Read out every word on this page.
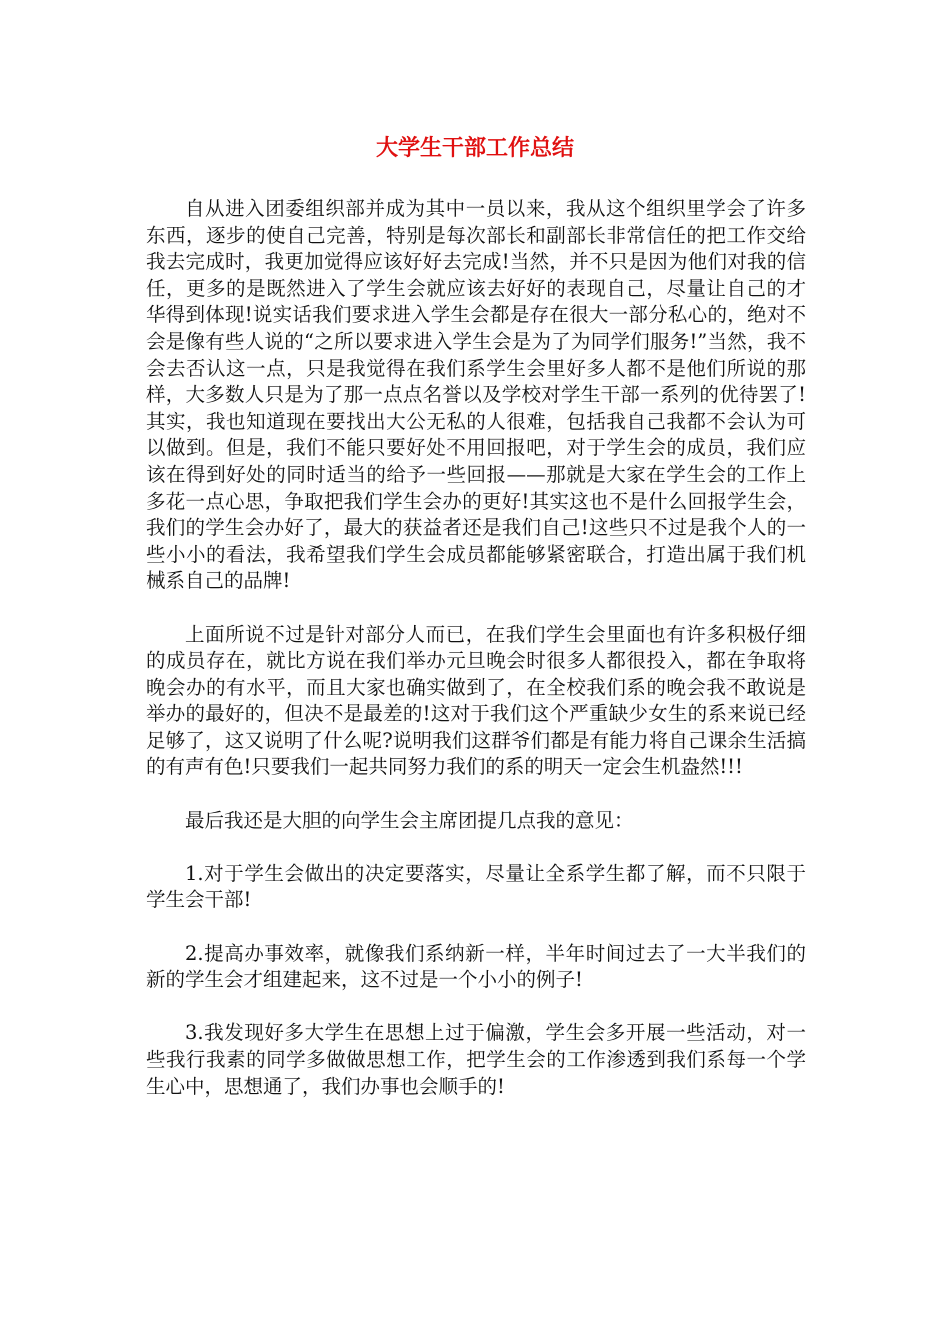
大学生干部工作总结

自从进入团委组织部并成为其中一员以来，我从这个组织里学会了许多东西，逐步的使自己完善，特别是每次部长和副部长非常信任的把工作交给我去完成时，我更加觉得应该好好去完成!当然，并不只是因为他们对我的信任，更多的是既然进入了学生会就应该去好好的表现自己，尽量让自己的才华得到体现!说实话我们要求进入学生会都是存在很大一部分私心的，绝对不会是像有些人说的“之所以要求进入学生会是为了为同学们服务!”当然，我不会去否认这一点，只是我觉得在我们系学生会里好多人都不是他们所说的那样，大多数人只是为了那一点点名誉以及学校对学生干部一系列的优待罢了!其实，我也知道现在要找出大公无私的人很难，包括我自己我都不会认为可以做到。但是，我们不能只要好处不用回报吧，对于学生会的成员，我们应该在得到好处的同时适当的给予一些回报——那就是大家在学生会的工作上多花一点心思，争取把我们学生会办的更好!其实这也不是什么回报学生会，我们的学生会办好了，最大的获益者还是我们自己!这些只不过是我个人的一些小小的看法，我希望我们学生会成员都能够紧密联合，打造出属于我们机械系自己的品牌!

上面所说不过是针对部分人而已，在我们学生会里面也有许多积极仔细的成员存在，就比方说在我们举办元旦晚会时很多人都很投入，都在争取将晚会办的有水平，而且大家也确实做到了，在全校我们系的晚会我不敢说是举办的最好的，但决不是最差的!这对于我们这个严重缺少女生的系来说已经足够了，这又说明了什么呢?说明我们这群爷们都是有能力将自己课余生活搞的有声有色!只要我们一起共同努力我们的系的明天一定会生机盎然!!!

最后我还是大胆的向学生会主席团提几点我的意见：

1.对于学生会做出的决定要落实，尽量让全系学生都了解，而不只限于学生会干部!

2.提高办事效率，就像我们系纳新一样，半年时间过去了一大半我们的新的学生会才组建起来，这不过是一个小小的例子!

3.我发现好多大学生在思想上过于偏激，学生会多开展一些活动，对一些我行我素的同学多做做思想工作，把学生会的工作渗透到我们系每一个学生心中，思想通了，我们办事也会顺手的!
